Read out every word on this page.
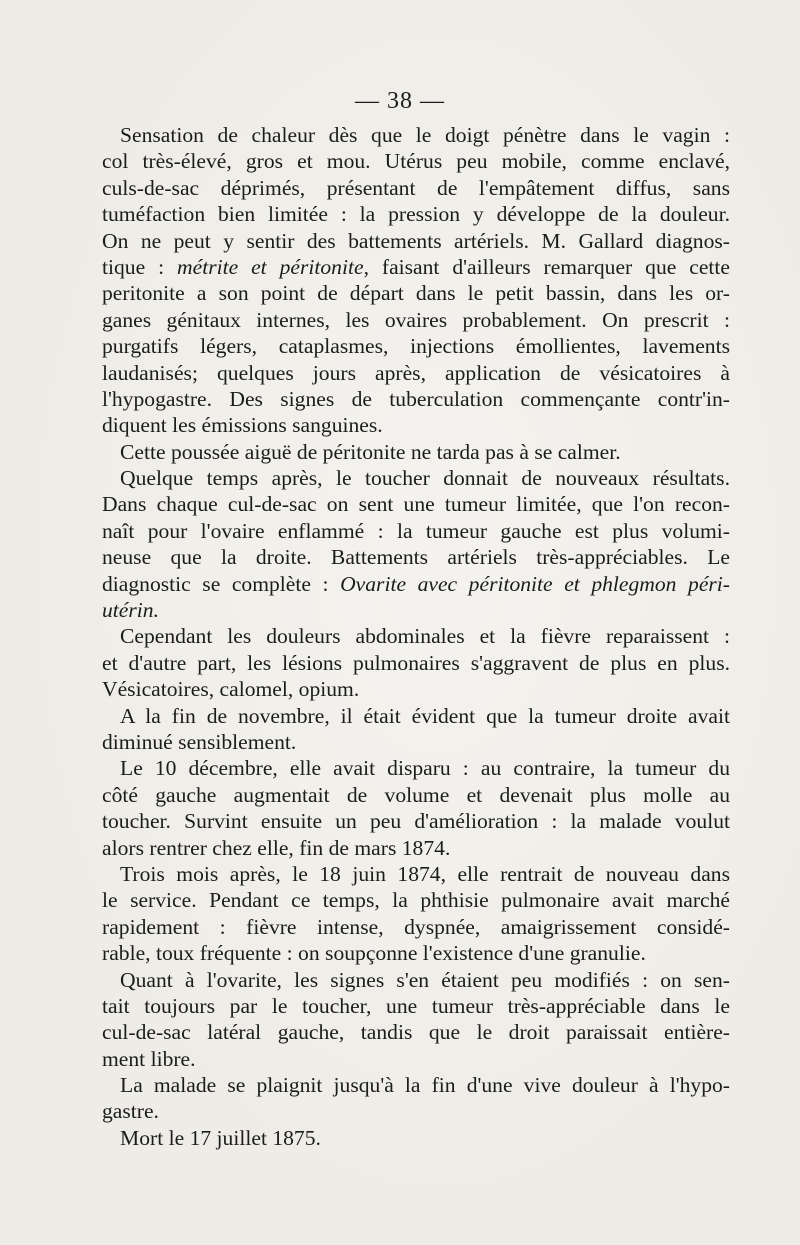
— 38 —
Sensation de chaleur dès que le doigt pénètre dans le vagin :
col très-élevé, gros et mou. Utérus peu mobile, comme enclavé,
culs-de-sac déprimés, présentant de l'empâtement diffus, sans
tuméfaction bien limitée : la pression y développe de la douleur.
On ne peut y sentir des battements artériels. M. Gallard diagnos-
tique : métrite et péritonite, faisant d'ailleurs remarquer que cette
peritonite a son point de départ dans le petit bassin, dans les or-
ganes génitaux internes, les ovaires probablement. On prescrit :
purgatifs légers, cataplasmes, injections émollientes, lavements
laudanisés; quelques jours après, application de vésicatoires à
l'hypogastre. Des signes de tuberculation commençante contr'in-
diquent les émissions sanguines.
Cette poussée aiguë de péritonite ne tarda pas à se calmer.
Quelque temps après, le toucher donnait de nouveaux résultats.
Dans chaque cul-de-sac on sent une tumeur limitée, que l'on recon-
naît pour l'ovaire enflammé : la tumeur gauche est plus volumi-
neuse que la droite. Battements artériels très-appréciables. Le
diagnostic se complète : Ovarite avec péritonite et phlegmon péri-
utérin.
Cependant les douleurs abdominales et la fièvre reparaissent :
et d'autre part, les lésions pulmonaires s'aggravent de plus en plus.
Vésicatoires, calomel, opium.
A la fin de novembre, il était évident que la tumeur droite avait
diminué sensiblement.
Le 10 décembre, elle avait disparu : au contraire, la tumeur du
côté gauche augmentait de volume et devenait plus molle au
toucher. Survint ensuite un peu d'amélioration : la malade voulut
alors rentrer chez elle, fin de mars 1874.
Trois mois après, le 18 juin 1874, elle rentrait de nouveau dans
le service. Pendant ce temps, la phthisie pulmonaire avait marché
rapidement : fièvre intense, dyspnée, amaigrissement considé-
rable, toux fréquente : on soupçonne l'existence d'une granulie.
Quant à l'ovarite, les signes s'en étaient peu modifiés : on sen-
tait toujours par le toucher, une tumeur très-appréciable dans le
cul-de-sac latéral gauche, tandis que le droit paraissait entière-
ment libre.
La malade se plaignit jusqu'à la fin d'une vive douleur à l'hypo-
gastre.
Mort le 17 juillet 1875.
